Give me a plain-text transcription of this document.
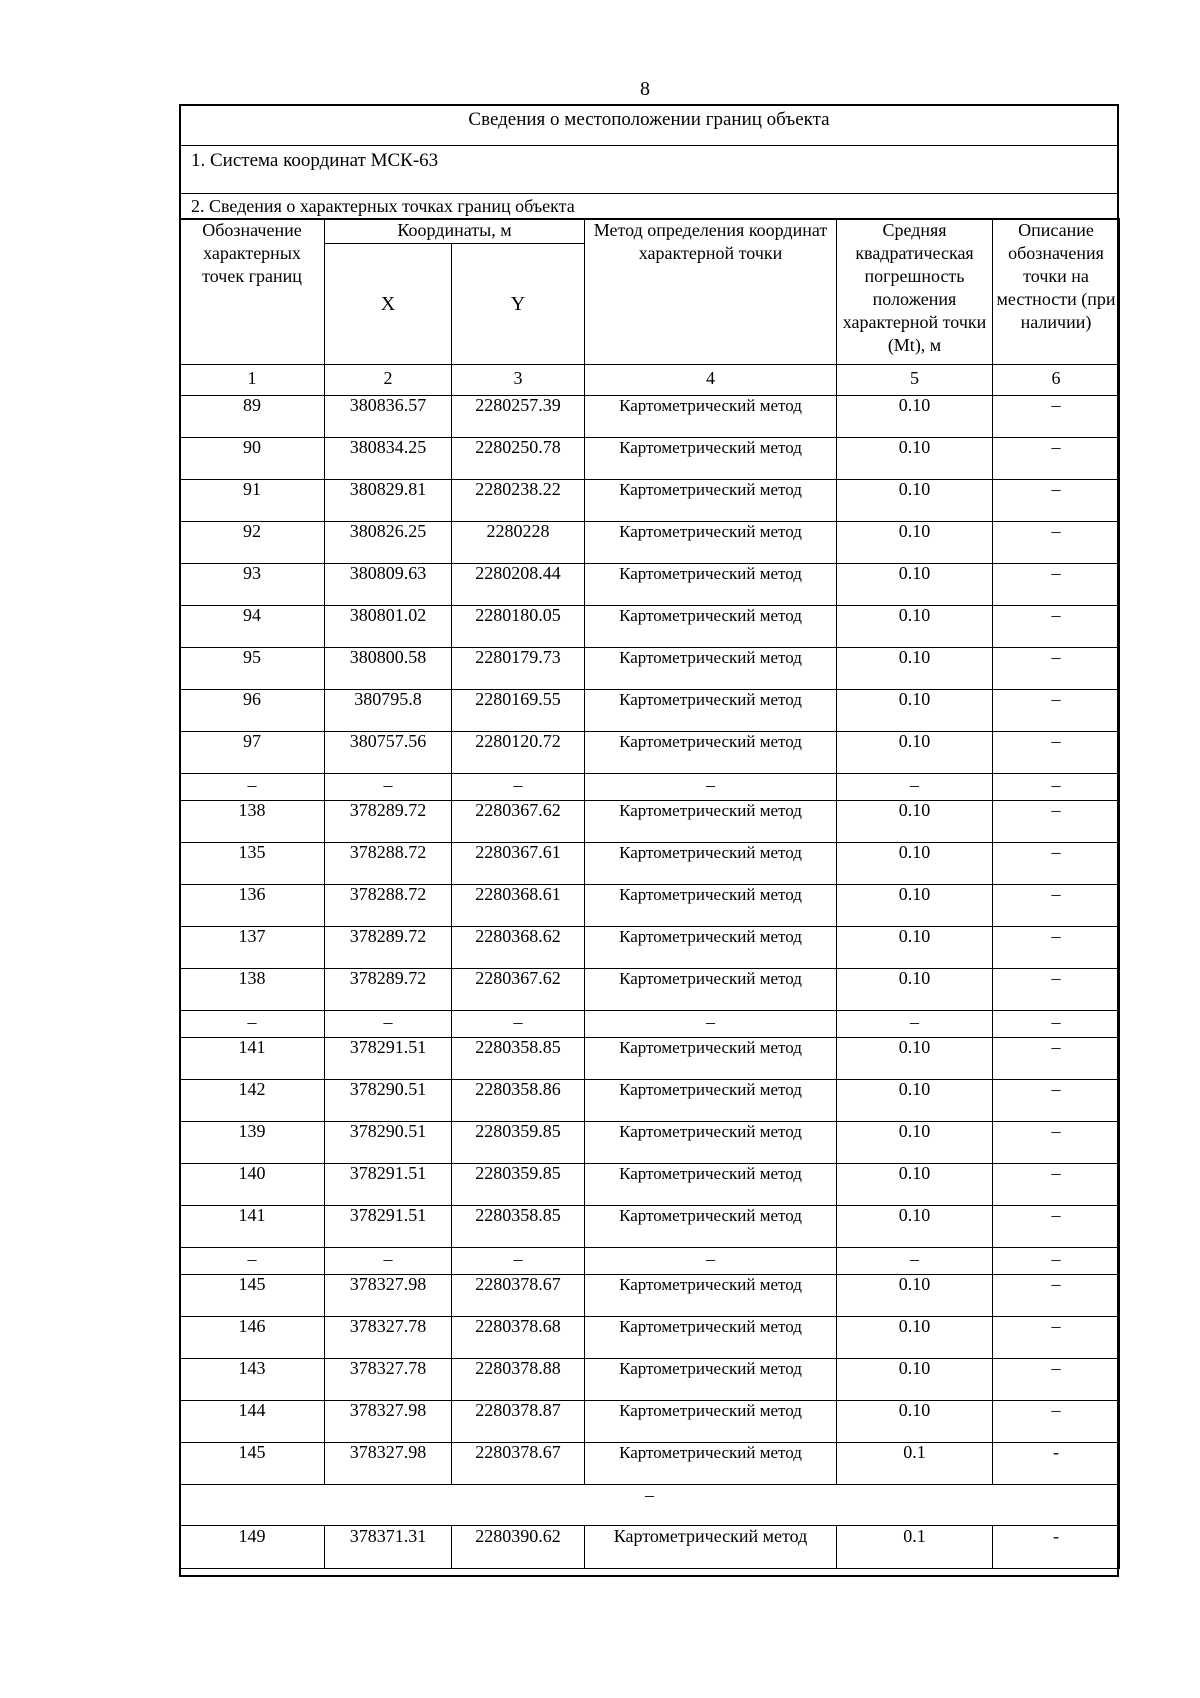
8
Сведения о местоположении границ объекта
1. Система координат МСК-63
2. Сведения о характерных точках границ объекта
Обозначение характерных точек границ	Координаты, м		Метод определения координат характерной точки	Средняя квадратическая погрешность положения характерной точки (Mt), м	Описание обозначения точки на местности (при наличии)
	X	Y			
1	2	3	4	5	6
89	380836.57	2280257.39	Картометрический метод	0.10	–
90	380834.25	2280250.78	Картометрический метод	0.10	–
91	380829.81	2280238.22	Картометрический метод	0.10	–
92	380826.25	2280228	Картометрический метод	0.10	–
93	380809.63	2280208.44	Картометрический метод	0.10	–
94	380801.02	2280180.05	Картометрический метод	0.10	–
95	380800.58	2280179.73	Картометрический метод	0.10	–
96	380795.8	2280169.55	Картометрический метод	0.10	–
97	380757.56	2280120.72	Картометрический метод	0.10	–
–	–	–	–	–	–
138	378289.72	2280367.62	Картометрический метод	0.10	–
135	378288.72	2280367.61	Картометрический метод	0.10	–
136	378288.72	2280368.61	Картометрический метод	0.10	–
137	378289.72	2280368.62	Картометрический метод	0.10	–
138	378289.72	2280367.62	Картометрический метод	0.10	–
–	–	–	–	–	–
141	378291.51	2280358.85	Картометрический метод	0.10	–
142	378290.51	2280358.86	Картометрический метод	0.10	–
139	378290.51	2280359.85	Картометрический метод	0.10	–
140	378291.51	2280359.85	Картометрический метод	0.10	–
141	378291.51	2280358.85	Картометрический метод	0.10	–
–	–	–	–	–	–
145	378327.98	2280378.67	Картометрический метод	0.10	–
146	378327.78	2280378.68	Картометрический метод	0.10	–
143	378327.78	2280378.88	Картометрический метод	0.10	–
144	378327.98	2280378.87	Картометрический метод	0.10	–
145	378327.98	2280378.67	Картометрический метод	0.1	-
–					
149	378371.31	2280390.62	Картометрический метод	0.1	-
